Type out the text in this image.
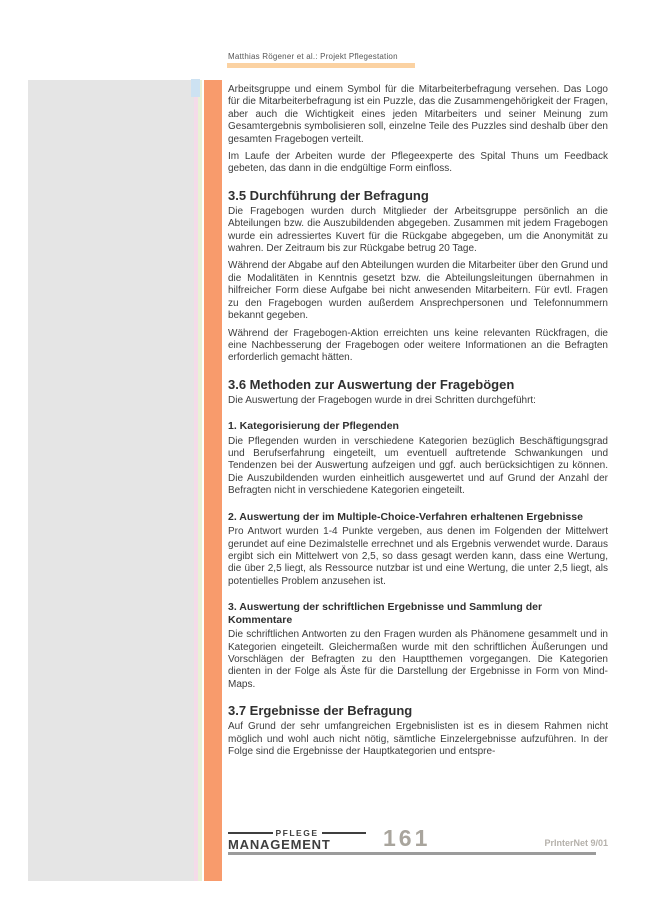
Matthias Rögener et al.: Projekt Pflegestation

Arbeitsgruppe und einem Symbol für die Mitarbeiterbefragung versehen. Das Logo für die Mitarbeiterbefragung ist ein Puzzle, das die Zusammengehörigkeit der Fragen, aber auch die Wichtigkeit eines jeden Mitarbeiters und seiner Meinung zum Gesamtergebnis symbolisieren soll, einzelne Teile des Puzzles sind deshalb über den gesamten Fragebogen verteilt.

Im Laufe der Arbeiten wurde der Pflegeexperte des Spital Thuns um Feedback gebeten, das dann in die endgültige Form einfloss.

3.5 Durchführung der Befragung

Die Fragebogen wurden durch Mitglieder der Arbeitsgruppe persönlich an die Abteilungen bzw. die Auszubildenden abgegeben. Zusammen mit jedem Fragebogen wurde ein adressiertes Kuvert für die Rückgabe abgegeben, um die Anonymität zu wahren. Der Zeitraum bis zur Rückgabe betrug 20 Tage.

Während der Abgabe auf den Abteilungen wurden die Mitarbeiter über den Grund und die Modalitäten in Kenntnis gesetzt bzw. die Abteilungsleitungen übernahmen in hilfreicher Form diese Aufgabe bei nicht anwesenden Mitarbeitern. Für evtl. Fragen zu den Fragebogen wurden außerdem Ansprechpersonen und Telefonnummern bekannt gegeben.

Während der Fragebogen-Aktion erreichten uns keine relevanten Rückfragen, die eine Nachbesserung der Fragebogen oder weitere Informationen an die Befragten erforderlich gemacht hätten.

3.6 Methoden zur Auswertung der Fragebögen

Die Auswertung der Fragebogen wurde in drei Schritten durchgeführt:

1. Kategorisierung der Pflegenden

Die Pflegenden wurden in verschiedene Kategorien bezüglich Beschäftigungsgrad und Berufserfahrung eingeteilt, um eventuell auftretende Schwankungen und Tendenzen bei der Auswertung aufzeigen und ggf. auch berücksichtigen zu können. Die Auszubildenden wurden einheitlich ausgewertet und auf Grund der Anzahl der Befragten nicht in verschiedene Kategorien eingeteilt.

2. Auswertung der im Multiple-Choice-Verfahren erhaltenen Ergebnisse

Pro Antwort wurden 1-4 Punkte vergeben, aus denen im Folgenden der Mittelwert gerundet auf eine Dezimalstelle errechnet und als Ergebnis verwendet wurde. Daraus ergibt sich ein Mittelwert von 2,5, so dass gesagt werden kann, dass eine Wertung, die über 2,5 liegt, als Ressource nutzbar ist und eine Wertung, die unter 2,5 liegt, als potentielles Problem anzusehen ist.

3. Auswertung der schriftlichen Ergebnisse und Sammlung der Kommentare

Die schriftlichen Antworten zu den Fragen wurden als Phänomene gesammelt und in Kategorien eingeteilt. Gleichermaßen wurde mit den schriftlichen Äußerungen und Vorschlägen der Befragten zu den Hauptthemen vorgegangen. Die Kategorien dienten in der Folge als Äste für die Darstellung der Ergebnisse in Form von Mind-Maps.

3.7 Ergebnisse der Befragung

Auf Grund der sehr umfangreichen Ergebnislisten ist es in diesem Rahmen nicht möglich und wohl auch nicht nötig, sämtliche Einzelergebnisse aufzuführen. In der Folge sind die Ergebnisse der Hauptkategorien und entspre-

PFLEGE
MANAGEMENT	161	PrInterNet 9/01
